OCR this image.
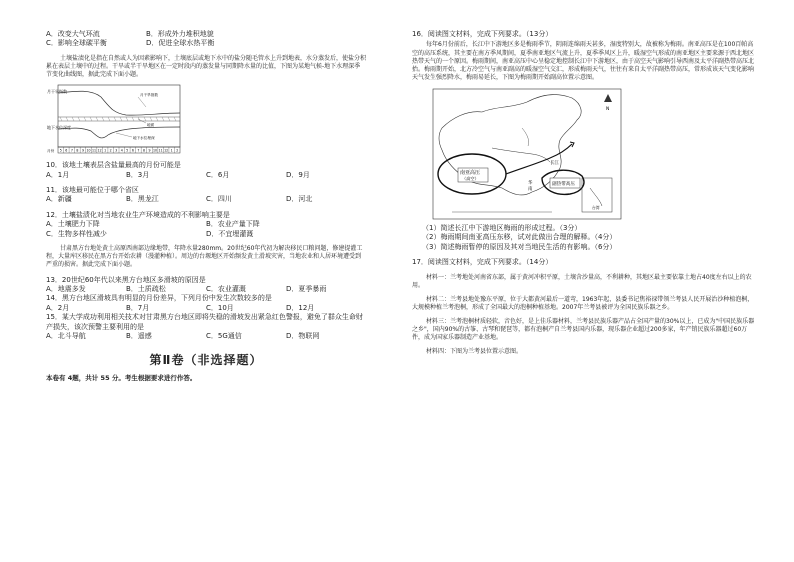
A．改变大气环流	B．形成外力堆积地貌
C．影响全球碳平衡	D．促进全球水热平衡

土壤盐渍化是指在自然或人为因素影响下，土壤底层或地下水中的盐分随毛管水上升到地表，水分蒸发后，使盐分积累在表层土壤中的过程。干旱或半干旱地区在一定时段内的蒸发量与同期降水量的比值，下图为某地气候-地下水理深季节变化曲线图，据此完成下面小题。

月干旱指数
地下水位深度
月干旱指数
地面
地下水位埋深
月份 5 6 7 8 9 10 11 12 1 2 3 4 5 6 7 8 9 10 11 12 1 2

10．该地土壤表层含盐量最高的月份可能是

A．1月	B．3月	C．6月	D．9月

11．该地最可能位于哪个省区

A．新疆	B．黑龙江	C．四川	D．河北

12．土壤盐渍化对当地农业生产环境造成的不利影响主要是

A．土壤肥力下降	B．农业产量下降
C．生物多样性减少	D．不宜埋灌溉

甘肃黑方台地处黄土高原西南部边缘地带，年降水量280mm。20世纪60年代初为解决移民口粮问题，修建提灌工程，大量库区移民在黑方台开始农耕（漫灌种植）。周边的台塬地区开始频发黄土滑坡灾害，当地农业和人居环境遭受到严重的损害。据此完成下面小题。

13．20世纪60年代以来黑方台地区多滑坡的原因是

A．地震多发	B．土质疏松	C．农业灌溉	D．夏季暴雨

14．黑方台地区滑坡具有明显的月份差异，下列月份中发生次数较多的是

A．2月	B．7月	C．10月	D．12月

15．某大学成功利用相关技术对甘肃黑方台地区即将失稳的滑坡发出紧急红色警报，避免了群众生命财产损失，该次预警主要利用的是

A．北斗导航	B．遥感	C．5G通信	D．物联网
第Ⅱ卷（非选择题）
本卷有 4题，共计 55 分。考生根据要求进行作答。

16．阅读图文材料，完成下列要求。（13分）

每年6月份前后，长江中下游地区多是梅雨季节，阴雨连绵雨天甚多，湿度特别大，故被称为梅雨。南亚高压是在100百帕高空的高压系统，其主要在南方季风期间，夏季南亚地区气流上升，夏季季风区上升，暖湿空气形成的南亚地区主要来源于西北地区热带天气的一个原因。梅雨期间，南亚高压中心呈稳定地控制长江中下游地区，由于高空天气影响引导西南及太平洋副热带高压北抬。梅雨期开始，北方冷空气与南亚副高的暖湿空气交汇，形成梅雨天气，往往有来自太平洋副热带高压，常形成该天气变化影响天气发生强烈降水，梅雨易延长，下图为梅雨期开始副高位置示意图。

南亚高压
（高空）
副热带高压
长江
华
南
台湾
N

（1）简述长江中下游地区梅雨的形成过程。（3分）

（2）梅雨期间南亚高压东移，试对此做出合理的解释。（4分）

（3）简述梅雨暂停的原因及其对当地民生活的有影响。（6分）

17．阅读图文材料，完成下列要求。（14分）

材料一：兰考地处河南省东部，属于黄河冲积平原，土壤含沙量高，不利耕种，其地区最主要依靠土地占40度左右以上的农用。

材料二：兰考县地处豫东平原，位于大都黄河最后一道弯，1963年起，县委书记焦裕禄带领兰考县人民开展治沙种植泡桐，大规模种植兰考泡桐，形成了全国最大的泡桐种植基地。2007年兰考县被评为全国民族乐器之乡。

材料三：兰考泡桐材质轻软，音色好，是上佳乐器材料，兰考县民族乐器产品占全国产量的30%以上，已成为"中国民族乐器之乡"，国内90%的古筝、古琴和琵琶等，都有泡桐产自兰考县国内乐器，现乐器企业超过200多家，年产销民族乐器超过60万件，成为国家乐器制造产业基地。

材料四：下图为兰考县位置示意图。
